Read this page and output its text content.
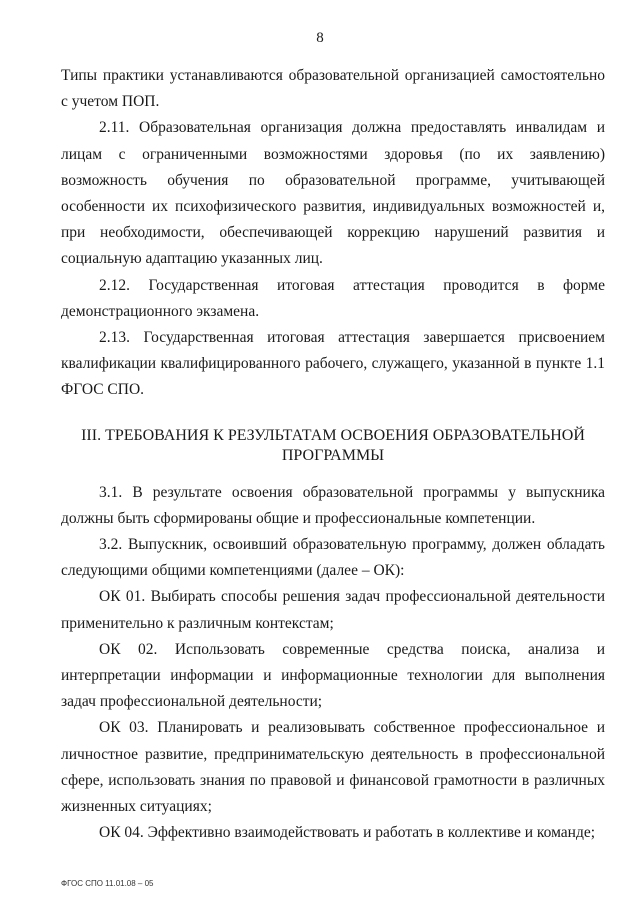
8

Типы практики устанавливаются образовательной организацией самостоятельно с учетом ПОП.

2.11. Образовательная организация должна предоставлять инвалидам и лицам с ограниченными возможностями здоровья (по их заявлению) возможность обучения по образовательной программе, учитывающей особенности их психофизического развития, индивидуальных возможностей и, при необходимости, обеспечивающей коррекцию нарушений развития и социальную адаптацию указанных лиц.

2.12. Государственная итоговая аттестация проводится в форме демонстрационного экзамена.

2.13. Государственная итоговая аттестация завершается присвоением квалификации квалифицированного рабочего, служащего, указанной в пункте 1.1 ФГОС СПО.

III. ТРЕБОВАНИЯ К РЕЗУЛЬТАТАМ ОСВОЕНИЯ ОБРАЗОВАТЕЛЬНОЙ
ПРОГРАММЫ

3.1. В результате освоения образовательной программы у выпускника должны быть сформированы общие и профессиональные компетенции.

3.2. Выпускник, освоивший образовательную программу, должен обладать следующими общими компетенциями (далее – ОК):

ОК 01. Выбирать способы решения задач профессиональной деятельности применительно к различным контекстам;

ОК 02. Использовать современные средства поиска, анализа и интерпретации информации и информационные технологии для выполнения задач профессиональной деятельности;

ОК 03. Планировать и реализовывать собственное профессиональное и личностное развитие, предпринимательскую деятельность в профессиональной сфере, использовать знания по правовой и финансовой грамотности в различных жизненных ситуациях;

ОК 04. Эффективно взаимодействовать и работать в коллективе и команде;

ФГОС СПО 11.01.08 – 05
